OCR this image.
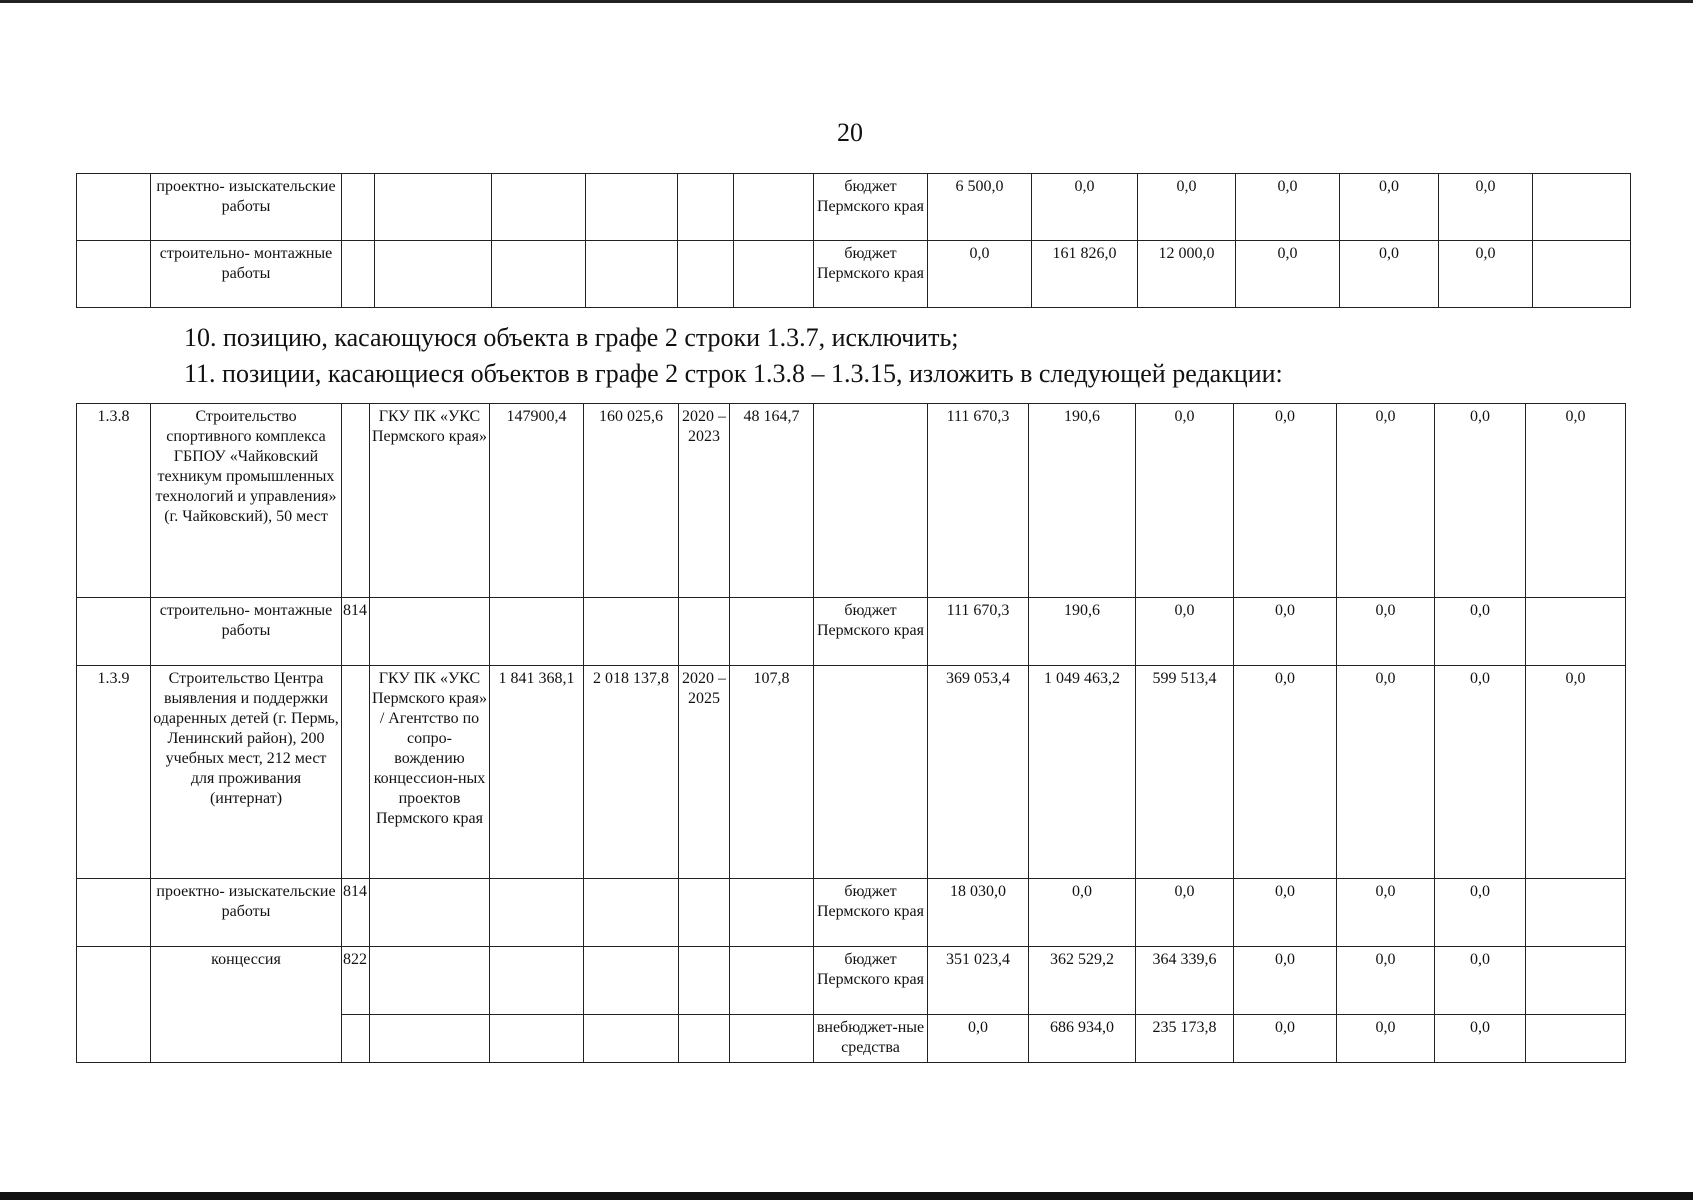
20
	проектно- изыскательские работы							бюджет Пермского края	6 500,0	0,0	0,0	0,0	0,0	0,0	
	строительно- монтажные работы							бюджет Пермского края	0,0	161 826,0	12 000,0	0,0	0,0	0,0	
10. позицию, касающуюся объекта в графе 2 строки 1.3.7, исключить;
11. позиции, касающиеся объектов в графе 2 строк 1.3.8 – 1.3.15, изложить в следующей редакции:
1.3.8	Строительство спортивного комплекса ГБПОУ «Чайковский техникум промышленных технологий и управления» (г. Чайковский), 50 мест		ГКУ ПК «УКС Пермского края»	147900,4	160 025,6	2020 – 2023	48 164,7		111 670,3	190,6	0,0	0,0	0,0	0,0	0,0
	строительно- монтажные работы	814						бюджет Пермского края	111 670,3	190,6	0,0	0,0	0,0	0,0	
1.3.9	Строительство Центра выявления и поддержки одаренных детей (г. Пермь, Ленинский район), 200 учебных мест, 212 мест для проживания (интернат)		ГКУ ПК «УКС Пермского края» / Агентство по сопро-вождению концессион-ных проектов Пермского края	1 841 368,1	2 018 137,8	2020 – 2025	107,8		369 053,4	1 049 463,2	599 513,4	0,0	0,0	0,0	0,0
	проектно- изыскательские работы	814						бюджет Пермского края	18 030,0	0,0	0,0	0,0	0,0	0,0	
	концессия	822						бюджет Пермского края	351 023,4	362 529,2	364 339,6	0,0	0,0	0,0	
								внебюджет-ные средства	0,0	686 934,0	235 173,8	0,0	0,0	0,0	
